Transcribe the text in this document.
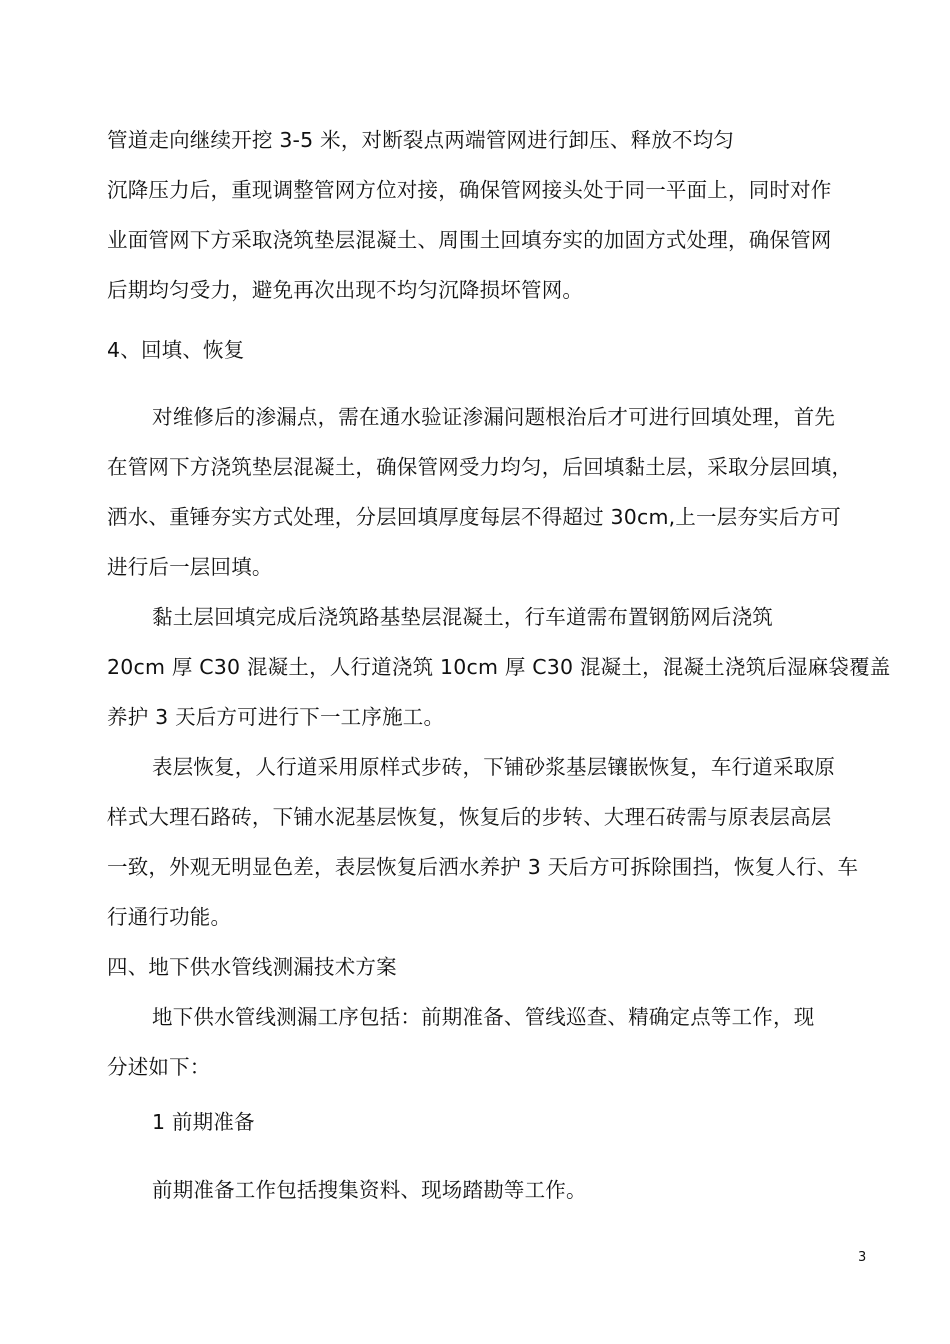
管道走向继续开挖 3-5 米，对断裂点两端管网进行卸压、释放不均匀
沉降压力后，重现调整管网方位对接，确保管网接头处于同一平面上，同时对作
业面管网下方采取浇筑垫层混凝土、周围土回填夯实的加固方式处理，确保管网
后期均匀受力，避免再次出现不均匀沉降损坏管网。
4、回填、恢复
对维修后的渗漏点，需在通水验证渗漏问题根治后才可进行回填处理，首先
在管网下方浇筑垫层混凝土，确保管网受力均匀，后回填黏土层，采取分层回填，
洒水、重锤夯实方式处理，分层回填厚度每层不得超过 30cm,上一层夯实后方可
进行后一层回填。
黏土层回填完成后浇筑路基垫层混凝土，行车道需布置钢筋网后浇筑
20cm 厚 C30 混凝土，人行道浇筑 10cm 厚 C30 混凝土，混凝土浇筑后湿麻袋覆盖
养护 3 天后方可进行下一工序施工。
表层恢复，人行道采用原样式步砖，下铺砂浆基层镶嵌恢复，车行道采取原
样式大理石路砖，下铺水泥基层恢复，恢复后的步转、大理石砖需与原表层高层
一致，外观无明显色差，表层恢复后洒水养护 3 天后方可拆除围挡，恢复人行、车
行通行功能。
四、地下供水管线测漏技术方案
地下供水管线测漏工序包括：前期准备、管线巡查、精确定点等工作，现
分述如下：
1 前期准备
前期准备工作包括搜集资料、现场踏勘等工作。
3
